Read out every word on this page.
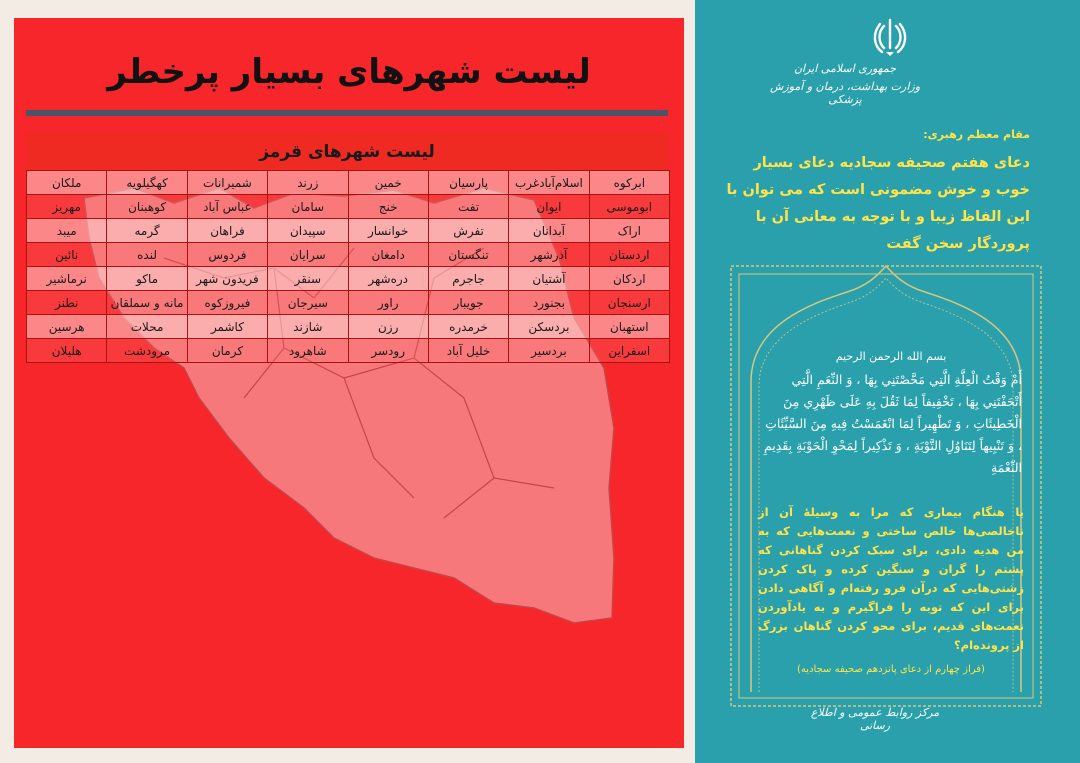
لیست شهرهای بسیار پرخطر
لیست شهرهای قرمز
ابرکوه	اسلام‌آبادغرب	پارسیان	خمین	زرند	شمیرانات	کهگیلویه	ملکان
ابوموسی	ایوان	تفت	خنج	سامان	عباس آباد	کوهبنان	مهریز
اراک	آبدانان	تفرش	خوانسار	سپیدان	فراهان	گرمه	میبد
اردستان	آذرشهر	تنگستان	دامغان	سرایان	فردوس	لنده	نائین
اردکان	آشتیان	جاجرم	دره‌شهر	سنقر	فریدون شهر	ماکو	نرماشیر
ارسنجان	بجنورد	جویبار	راور	سیرجان	فیروزکوه	مانه و سملقان	نطنز
استهبان	بردسکن	خرمدره	رزن	شازند	کاشمر	محلات	هرسین
اسفراین	بردسیر	خلیل آباد	رودسر	شاهرود	کرمان	مرودشت	هلیلان
جمهوری اسلامی ایران
وزارت بهداشت، درمان و آموزش پزشکی
مقام معظم رهبری:
دعای هفتم صحیفه سجادیه دعای بسیار خوب و خوش مضمونی است که می توان با این الفاظ زیبا و با توجه به معانی آن با پروردگار سخن گفت
بسم الله الرحمن الرحيم
أَمْ وَقْتُ الْعِلَّةِ الَّتِي مَحَّصْتَنِي بِهَا ، وَ النِّعَمِ الَّتِي أَتْحَفْتَنِي بِهَا ، تَخْفِيفاً لِمَا ثَقُلَ بِهِ عَلَى ظَهْرِي مِنَ الْخَطِيئَاتِ ، وَ تَطْهِيراً لِمَا انْغَمَسْتُ فِيهِ مِنَ السَّيِّئَاتِ ، وَ تَنْبِيهاً لِتَنَاوُلِ التَّوْبَةِ ، وَ تَذْكِيراً لِمَحْوِ الْحَوْبَةِ بِقَدِيمِ النِّعْمَةِ
یا هنگام بیماری که مرا به وسیلهٔ آن از ناخالصی‌ها خالص ساختی و نعمت‌هایی که به من هدیه دادی، برای سبک کردن گناهانی که پشتم را گران و سنگین کرده و پاک کردن زشتی‌هایی که درآن فرو رفته‌ام و آگاهی دادن برای این که توبه را فراگیرم و به یادآوردن نعمت‌های قدیم، برای محو کردن گناهان بزرگ از پرونده‌ام؟
(فراز چهارم از دعای پانزدهم صحیفه سجادیه)
مرکز روابط عمومی و اطلاع رسانی
